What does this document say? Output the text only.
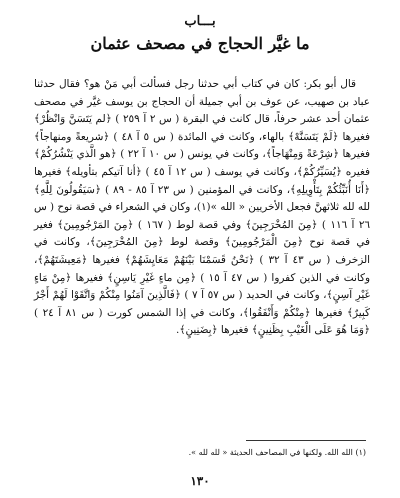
بـــاب
ما غيَّر الحجاج في مصحف عثمان

قال أبو بكر: كان في كتاب أبي حدثنا رجل فسألت أبي مَنْ هو؟ فقال حدثنا عباد بن صهيب، عن عوف بن أبي جميلة أن الحجاج بن يوسف غيَّر في مصحف عثمان أحد عشر حرفاً، قال كانت في البقرة ( س ٢ آ ٢٥٩ ) ﴿لم يَتَسَنَّ وَانْظُرْ﴾ فغيرها ﴿لَمْ يَتَسَنَّهْ﴾ بالهاء، وكانت في المائدة ( س ٥ آ ٤٨ ) ﴿شريعةً ومنهاجاً﴾ فغيرها ﴿شِرْعَةً وَمِنْهَاجاً﴾، وكانت في يونس ( س ١٠ آ ٢٢ ) ﴿هو الَّذي يَنْشُرُكُمْ﴾ فغيره ﴿يُسَيِّرُكُمْ﴾، وكانت في يوسف ( س ١٢ آ ٤٥ ) ﴿أنا آتيكم بتأويله﴾ فغيرها ﴿أَنَا أُنَبِّئُكُمْ بِتَأْوِيلِهِ﴾، وكانت في المؤمنين ( س ٢٣ آ ٨٥ - ٨٩ ) ﴿سَيَقُولُونَ لِلَّهِ﴾ لله لله ثلاثهنَّ فجعل الأخريين « الله »(١)، وكان في الشعراء في قصة نوح ( س ٢٦ آ ١١٦ ) ﴿مِنَ المُخْرَجِينَ﴾ وفي قصة لوط ( ١٦٧ ) ﴿مِنَ المَرْجُومِينَ﴾ فغير في قصة نوح ﴿مِنَ الْمَرْجُومِينَ﴾ وقصة لوط ﴿مِنَ المُخْرَجِينَ﴾، وكانت في الزخرف ( س ٤٣ آ ٣٢ ) ﴿نَحْنُ قَسَمْنَا بَيْنَهُمْ مَعَايِشَهُمْ﴾ فغيرها ﴿مَعِيشَتَهُمْ﴾، وكانت في الذين كفروا ( س ٤٧ آ ١٥ ) ﴿مِن ماءٍ غَيْرِ يَاسِنٍ﴾ فغيرها ﴿مِنْ مَاءٍ غَيْرِ آسِنٍ﴾، وكانت في الحديد ( س ٥٧ آ ٧ ) ﴿فَالَّذِينَ آمَنُوا مِنْكُمْ وَاتَّقَوْا لَهُمْ أَجْرٌ كَبِيرٌ﴾ فغيرها ﴿مِنْكُمْ وَأَنْفَقُوا﴾، وكانت في إذا الشمس كورت ( س ٨١ آ ٢٤ ) ﴿وَمَا هُوَ عَلَى الْغَيْبِ بِظَنِينٍ﴾ فغيرها ﴿بِضَنِينٍ﴾.

(١) الله الله. ولكنها في المصاحف الحديثة « لله لله ».
١٣٠
